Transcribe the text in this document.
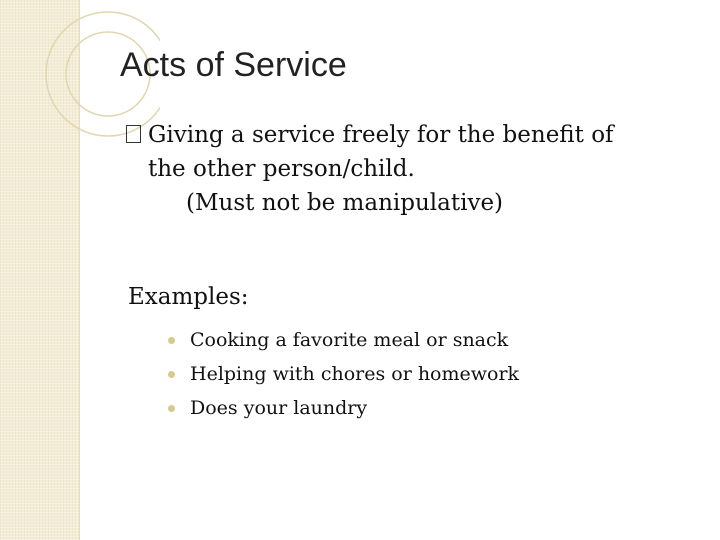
Acts of Service
Giving a service freely for the benefit of
the other person/child.
(Must not be manipulative)
Examples:
Cooking a favorite meal or snack
Helping with chores or homework
Does your laundry
